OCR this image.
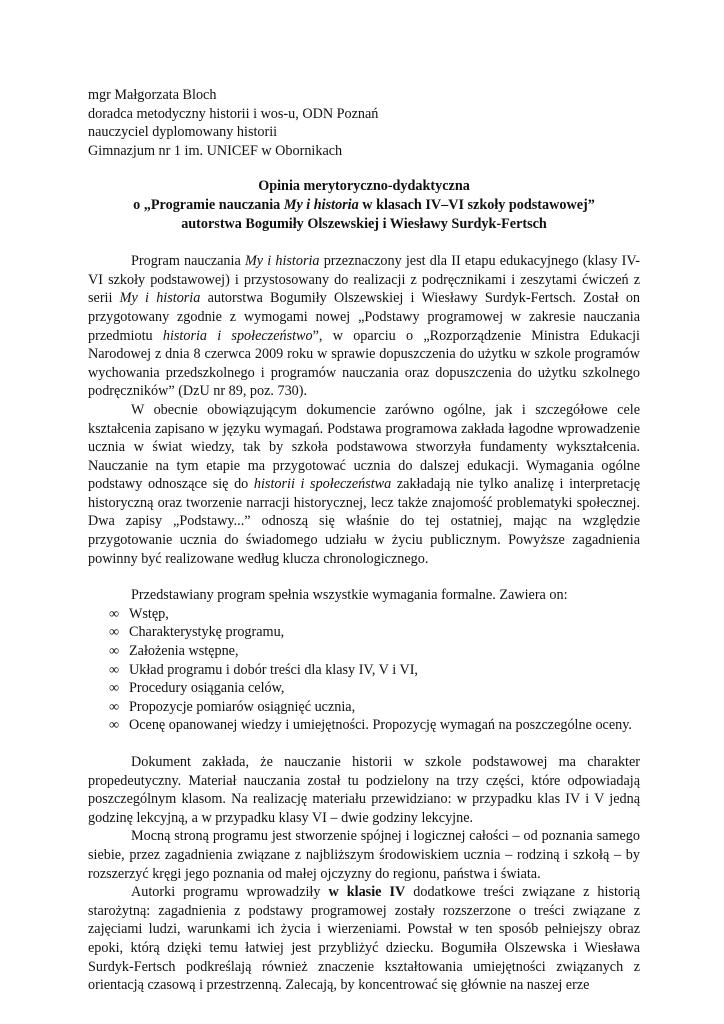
mgr Małgorzata Bloch
doradca metodyczny historii i wos-u, ODN Poznań
nauczyciel dyplomowany historii
Gimnazjum nr 1 im. UNICEF w Obornikach
Opinia merytoryczno-dydaktyczna
o „Programie nauczania My i historia w klasach IV–VI szkoły podstawowej”
autorstwa Bogumiły Olszewskiej i Wiesławy Surdyk-Fertsch

Program nauczania My i historia przeznaczony jest dla II etapu edukacyjnego (klasy IV-VI szkoły podstawowej) i przystosowany do realizacji z podręcznikami i zeszytami ćwiczeń z serii My i historia autorstwa Bogumiły Olszewskiej i Wiesławy Surdyk-Fertsch. Został on przygotowany zgodnie z wymogami nowej „Podstawy programowej w zakresie nauczania przedmiotu historia i społeczeństwo”, w oparciu o „Rozporządzenie Ministra Edukacji Narodowej z dnia 8 czerwca 2009 roku w sprawie dopuszczenia do użytku w szkole programów wychowania przedszkolnego i programów nauczania oraz dopuszczenia do użytku szkolnego podręczników” (DzU nr 89, poz. 730).

W obecnie obowiązującym dokumencie zarówno ogólne, jak i szczegółowe cele kształcenia zapisano w języku wymagań. Podstawa programowa zakłada łagodne wprowadzenie ucznia w świat wiedzy, tak by szkoła podstawowa stworzyła fundamenty wykształcenia. Nauczanie na tym etapie ma przygotować ucznia do dalszej edukacji. Wymagania ogólne podstawy odnoszące się do historii i społeczeństwa zakładają nie tylko analizę i interpretację historyczną oraz tworzenie narracji historycznej, lecz także znajomość problematyki społecznej. Dwa zapisy „Podstawy...” odnoszą się właśnie do tej ostatniej, mając na względzie przygotowanie ucznia do świadomego udziału w życiu publicznym. Powyższe zagadnienia powinny być realizowane według klucza chronologicznego.

Przedstawiany program spełnia wszystkie wymagania formalne. Zawiera on:

∞ Wstęp,
∞ Charakterystykę programu,
∞ Założenia wstępne,
∞ Układ programu i dobór treści dla klasy IV, V i VI,
∞ Procedury osiągania celów,
∞ Propozycje pomiarów osiągnięć ucznia,
∞ Ocenę opanowanej wiedzy i umiejętności. Propozycję wymagań na poszczególne oceny.

Dokument zakłada, że nauczanie historii w szkole podstawowej ma charakter propedeutyczny. Materiał nauczania został tu podzielony na trzy części, które odpowiadają poszczególnym klasom. Na realizację materiału przewidziano: w przypadku klas IV i V jedną godzinę lekcyjną, a w przypadku klasy VI – dwie godziny lekcyjne.

Mocną stroną programu jest stworzenie spójnej i logicznej całości – od poznania samego siebie, przez zagadnienia związane z najbliższym środowiskiem ucznia – rodziną i szkołą – by rozszerzyć kręgi jego poznania od małej ojczyzny do regionu, państwa i świata.

Autorki programu wprowadziły w klasie IV dodatkowe treści związane z historią starożytną: zagadnienia z podstawy programowej zostały rozszerzone o treści związane z zajęciami ludzi, warunkami ich życia i wierzeniami. Powstał w ten sposób pełniejszy obraz epoki, którą dzięki temu łatwiej jest przybliżyć dziecku. Bogumiła Olszewska i Wiesława Surdyk-Fertsch podkreślają również znaczenie kształtowania umiejętności związanych z orientacją czasową i przestrzenną. Zalecają, by koncentrować się głównie na naszej erze
